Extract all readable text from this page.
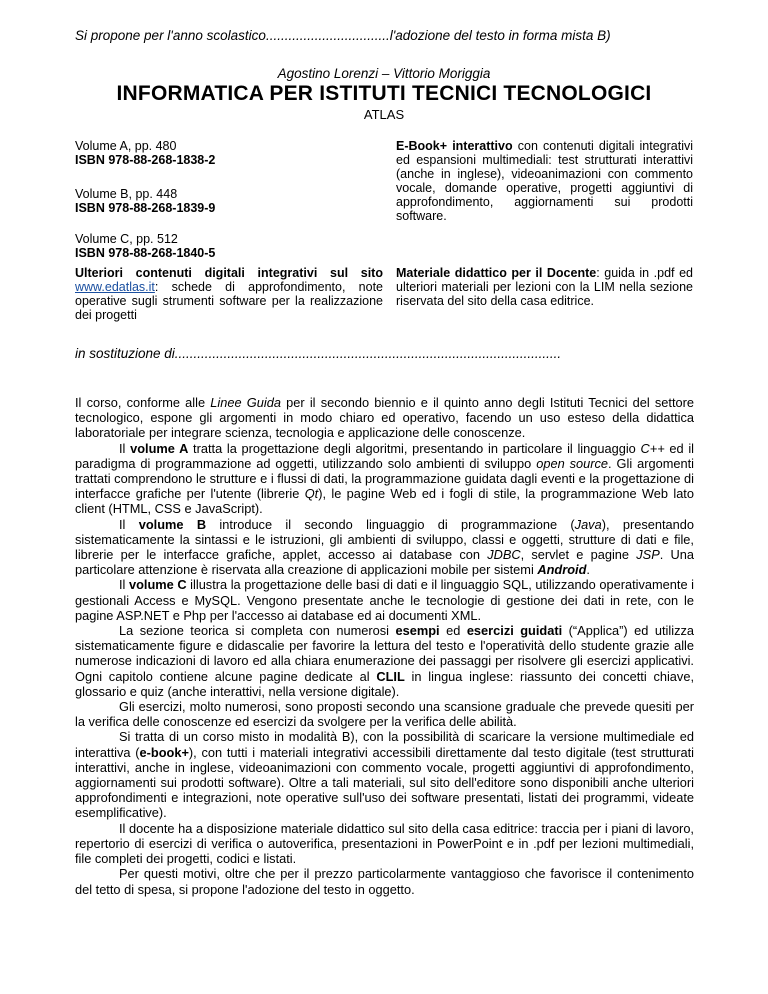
Si propone per l'anno scolastico.................................l'adozione del testo in forma mista B)
Agostino Lorenzi – Vittorio Moriggia
INFORMATICA PER ISTITUTI TECNICI TECNOLOGICI
ATLAS
Volume A, pp. 480
ISBN 978-88-268-1838-2
Volume B, pp. 448
ISBN 978-88-268-1839-9
Volume C, pp. 512
ISBN 978-88-268-1840-5
E-Book+ interattivo con contenuti digitali integrativi ed espansioni multimediali: test strutturati interattivi (anche in inglese), videoanimazioni con commento vocale, domande operative, progetti aggiuntivi di approfondimento, aggiornamenti sui prodotti software.
Ulteriori contenuti digitali integrativi sul sito www.edatlas.it: schede di approfondimento, note operative sugli strumenti software per la realizzazione dei progetti
Materiale didattico per il Docente: guida in .pdf ed ulteriori materiali per lezioni con la LIM nella sezione riservata del sito della casa editrice.
in sostituzione di.......................................................................................................

Il corso, conforme alle Linee Guida per il secondo biennio e il quinto anno degli Istituti Tecnici del settore tecnologico, espone gli argomenti in modo chiaro ed operativo, facendo un uso esteso della didattica laboratoriale per integrare scienza, tecnologia e applicazione delle conoscenze.

Il volume A tratta la progettazione degli algoritmi, presentando in particolare il linguaggio C++ ed il paradigma di programmazione ad oggetti, utilizzando solo ambienti di sviluppo open source. Gli argomenti trattati comprendono le strutture e i flussi di dati, la programmazione guidata dagli eventi e la progettazione di interfacce grafiche per l'utente (librerie Qt), le pagine Web ed i fogli di stile, la programmazione Web lato client (HTML, CSS e JavaScript).

Il volume B introduce il secondo linguaggio di programmazione (Java), presentando sistematicamente la sintassi e le istruzioni, gli ambienti di sviluppo, classi e oggetti, strutture di dati e file, librerie per le interfacce grafiche, applet, accesso ai database con JDBC, servlet e pagine JSP. Una particolare attenzione è riservata alla creazione di applicazioni mobile per sistemi Android.

Il volume C illustra la progettazione delle basi di dati e il linguaggio SQL, utilizzando operativamente i gestionali Access e MySQL. Vengono presentate anche le tecnologie di gestione dei dati in rete, con le pagine ASP.NET e Php per l'accesso ai database ed ai documenti XML.

La sezione teorica si completa con numerosi esempi ed esercizi guidati (“Applica”) ed utilizza sistematicamente figure e didascalie per favorire la lettura del testo e l'operatività dello studente grazie alle numerose indicazioni di lavoro ed alla chiara enumerazione dei passaggi per risolvere gli esercizi applicativi. Ogni capitolo contiene alcune pagine dedicate al CLIL in lingua inglese: riassunto dei concetti chiave, glossario e quiz (anche interattivi, nella versione digitale).

Gli esercizi, molto numerosi, sono proposti secondo una scansione graduale che prevede quesiti per la verifica delle conoscenze ed esercizi da svolgere per la verifica delle abilità.

Si tratta di un corso misto in modalità B), con la possibilità di scaricare la versione multimediale ed interattiva (e-book+), con tutti i materiali integrativi accessibili direttamente dal testo digitale (test strutturati interattivi, anche in inglese, videoanimazioni con commento vocale, progetti aggiuntivi di approfondimento, aggiornamenti sui prodotti software). Oltre a tali materiali, sul sito dell'editore sono disponibili anche ulteriori approfondimenti e integrazioni, note operative sull'uso dei software presentati, listati dei programmi, videate esemplificative).

Il docente ha a disposizione materiale didattico sul sito della casa editrice: traccia per i piani di lavoro, repertorio di esercizi di verifica o autoverifica, presentazioni in PowerPoint e in .pdf per lezioni multimediali, file completi dei progetti, codici e listati.

Per questi motivi, oltre che per il prezzo particolarmente vantaggioso che favorisce il contenimento del tetto di spesa, si propone l'adozione del testo in oggetto.
